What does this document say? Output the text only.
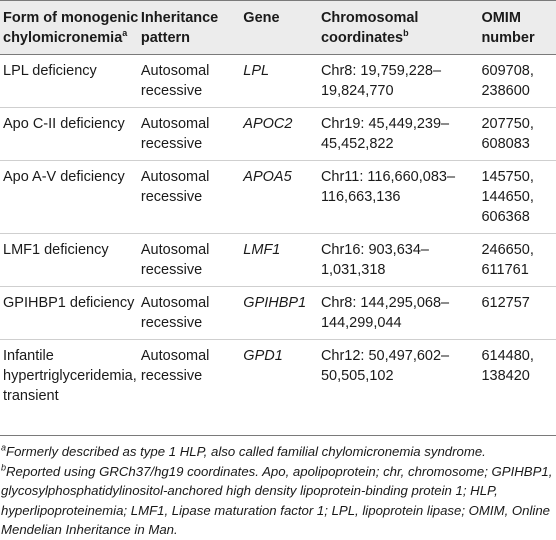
Form of monogenic chylomicronemia$^a$	Inheritance pattern	Gene	Chromosomal coordinates$^b$	OMIM number
LPL deficiency	Autosomal recessive	LPL	Chr8: 19,759,228–19,824,770	609708, 238600
Apo C-II deficiency	Autosomal recessive	APOC2	Chr19: 45,449,239–45,452,822	207750, 608083
Apo A-V deficiency	Autosomal recessive	APOA5	Chr11: 116,660,083–116,663,136	145750, 144650, 606368
LMF1 deficiency	Autosomal recessive	LMF1	Chr16: 903,634–1,031,318	246650, 611761
GPIHBP1 deficiency	Autosomal recessive	GPIHBP1	Chr8: 144,295,068–144,299,044	612757
Infantile hypertriglyceridemia, transient	Autosomal recessive	GPD1	Chr12: 50,497,602–50,505,102	614480, 138420

$^a$Formerly described as type 1 HLP, also called familial chylomicronemia syndrome.

$^b$Reported using GRCh37/hg19 coordinates. Apo, apolipoprotein; chr, chromosome; GPIHBP1, glycosylphosphatidylinositol-anchored high density lipoprotein-binding protein 1; HLP, hyperlipoproteinemia; LMF1, Lipase maturation factor 1; LPL, lipoprotein lipase; OMIM, Online Mendelian Inheritance in Man.
